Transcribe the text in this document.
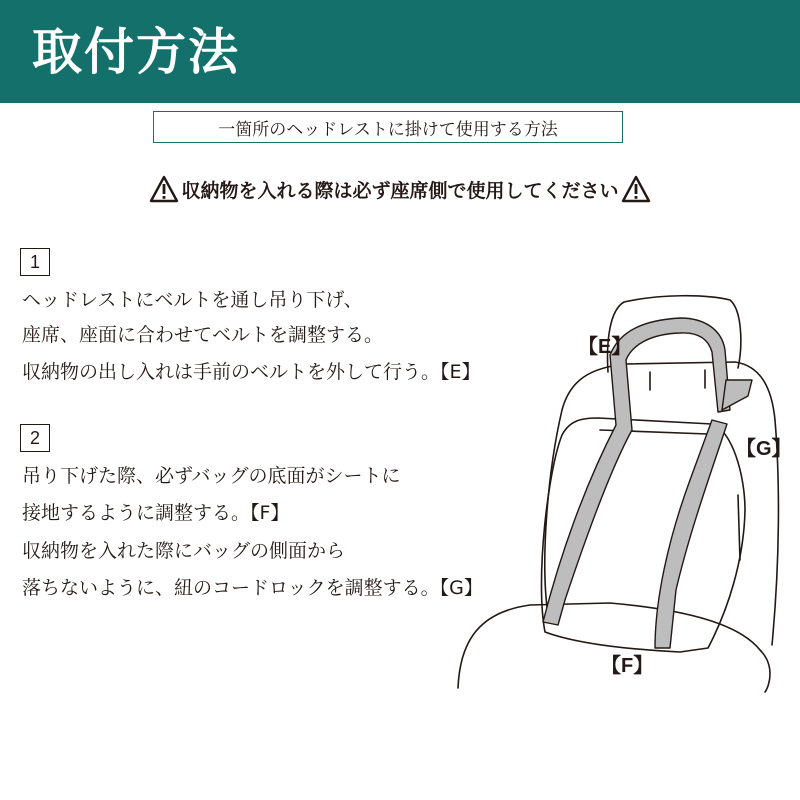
取付方法
一箇所のヘッドレストに掛けて使用する方法
収納物を入れる際は必ず座席側で使用してください
1
ヘッドレストにベルトを通し吊り下げ、
座席、座面に合わせてベルトを調整する。
収納物の出し入れは手前のベルトを外して行う。【E】
2
吊り下げた際、必ずバッグの底面がシートに
接地するように調整する。【F】
収納物を入れた際にバッグの側面から
落ちないように、紐のコードロックを調整する。【G】
【E】
【G】
【F】
